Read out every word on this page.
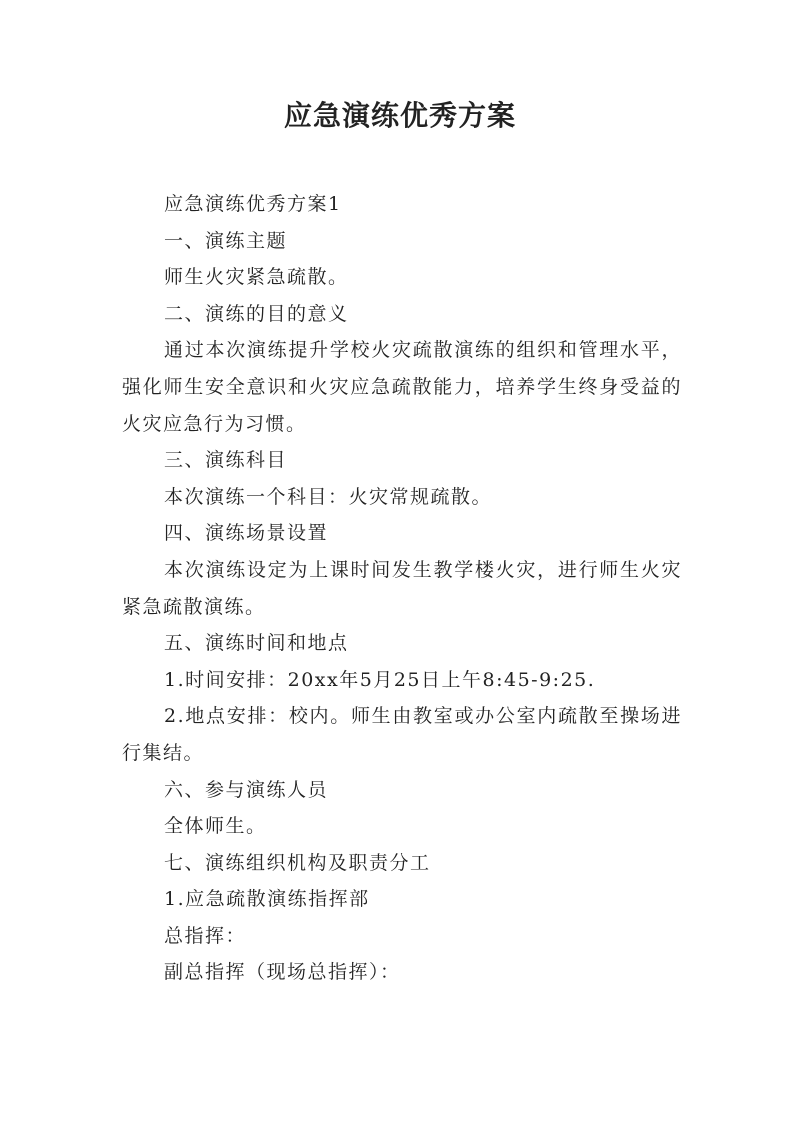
应急演练优秀方案

应急演练优秀方案1

一、演练主题

师生火灾紧急疏散。

二、演练的目的意义

通过本次演练提升学校火灾疏散演练的组织和管理水平，强化师生安全意识和火灾应急疏散能力，培养学生终身受益的火灾应急行为习惯。

三、演练科目

本次演练一个科目：火灾常规疏散。

四、演练场景设置

本次演练设定为上课时间发生教学楼火灾，进行师生火灾紧急疏散演练。

五、演练时间和地点

1.时间安排：20xx年5月25日上午8:45-9:25.

2.地点安排：校内。师生由教室或办公室内疏散至操场进行集结。

六、参与演练人员

全体师生。

七、演练组织机构及职责分工

1.应急疏散演练指挥部

总指挥：

副总指挥（现场总指挥）：
